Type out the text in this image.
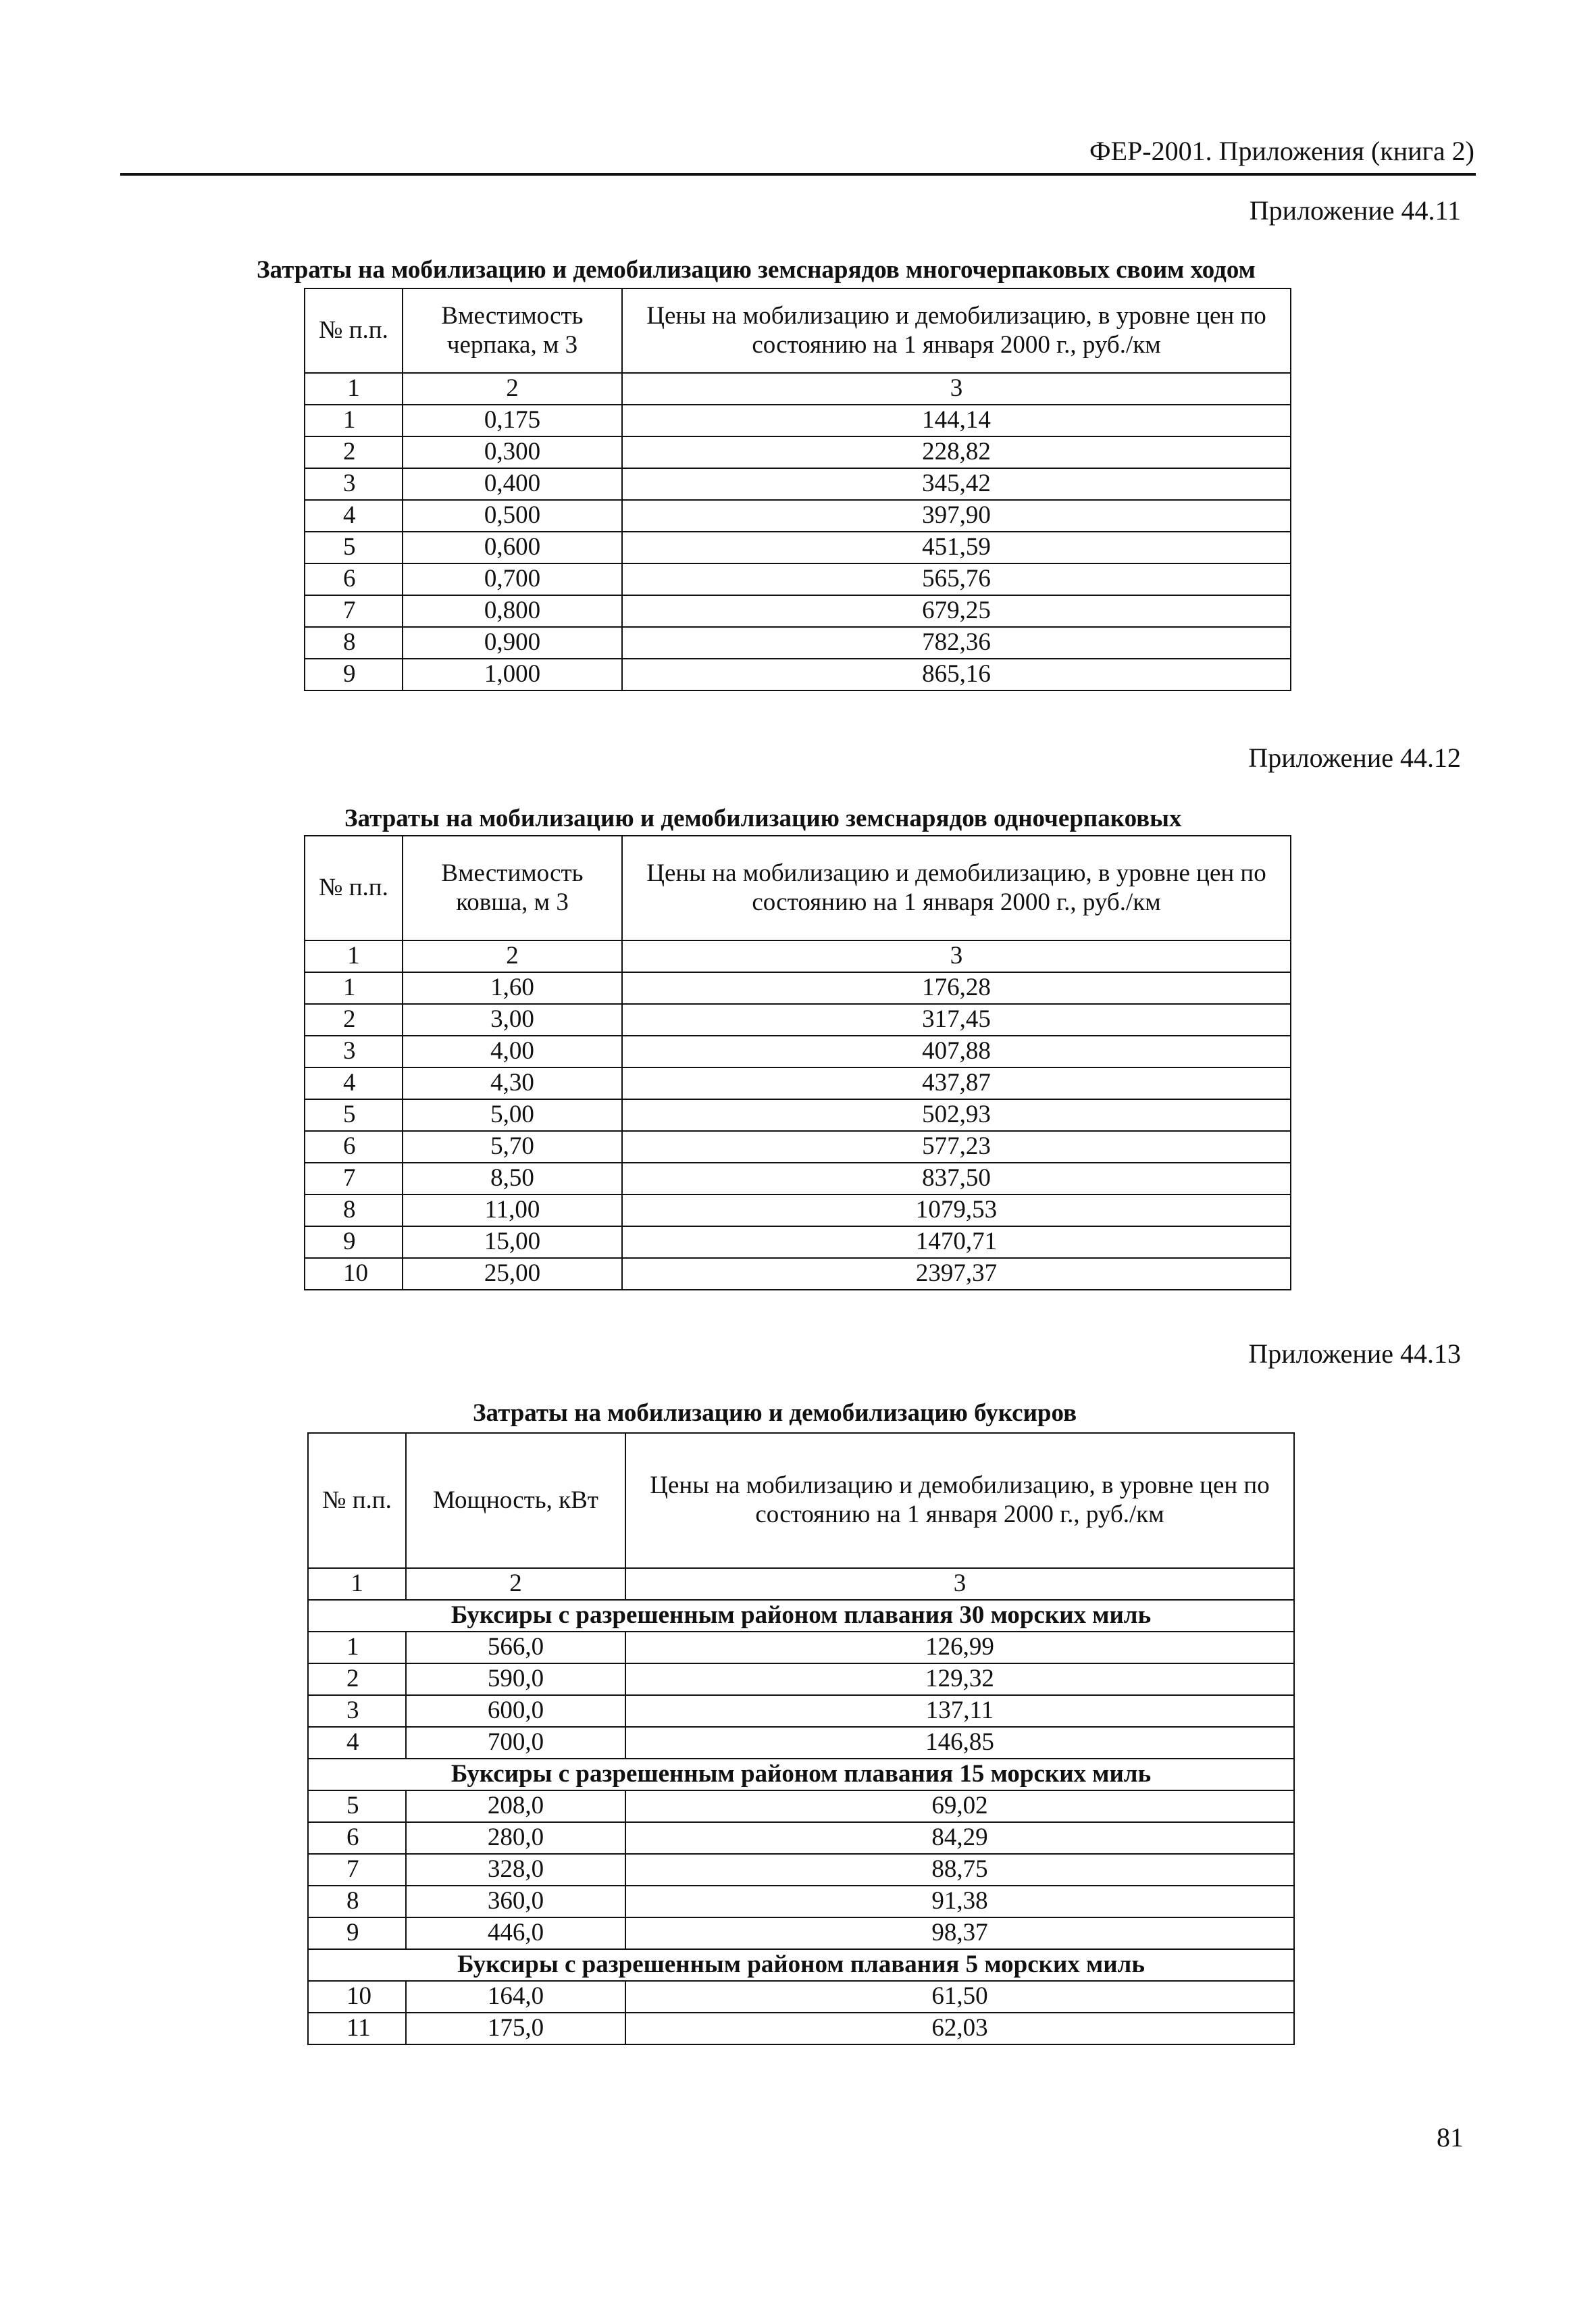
ФЕР-2001. Приложения (книга 2)
Приложение 44.11
Затраты на мобилизацию и демобилизацию земснарядов многочерпаковых своим ходом
№ п.п.	Вместимость черпака, м 3	Цены на мобилизацию и демобилизацию, в уровне цен по состоянию на 1 января 2000 г., руб./км
1	2	3
1	0,175	144,14
2	0,300	228,82
3	0,400	345,42
4	0,500	397,90
5	0,600	451,59
6	0,700	565,76
7	0,800	679,25
8	0,900	782,36
9	1,000	865,16
Приложение 44.12
Затраты на мобилизацию и демобилизацию земснарядов одночерпаковых
№ п.п.	Вместимость ковша, м 3	Цены на мобилизацию и демобилизацию, в уровне цен по состоянию на 1 января 2000 г., руб./км
1	2	3
1	1,60	176,28
2	3,00	317,45
3	4,00	407,88
4	4,30	437,87
5	5,00	502,93
6	5,70	577,23
7	8,50	837,50
8	11,00	1079,53
9	15,00	1470,71
10	25,00	2397,37
Приложение 44.13
Затраты на мобилизацию и демобилизацию буксиров
№ п.п.	Мощность, кВт	Цены на мобилизацию и демобилизацию, в уровне цен по состоянию на 1 января 2000 г., руб./км
1	2	3
Буксиры с разрешенным районом плавания 30 морских миль		
1	566,0	126,99
2	590,0	129,32
3	600,0	137,11
4	700,0	146,85
Буксиры с разрешенным районом плавания 15 морских миль		
5	208,0	69,02
6	280,0	84,29
7	328,0	88,75
8	360,0	91,38
9	446,0	98,37
Буксиры с разрешенным районом плавания 5 морских миль		
10	164,0	61,50
11	175,0	62,03
81
